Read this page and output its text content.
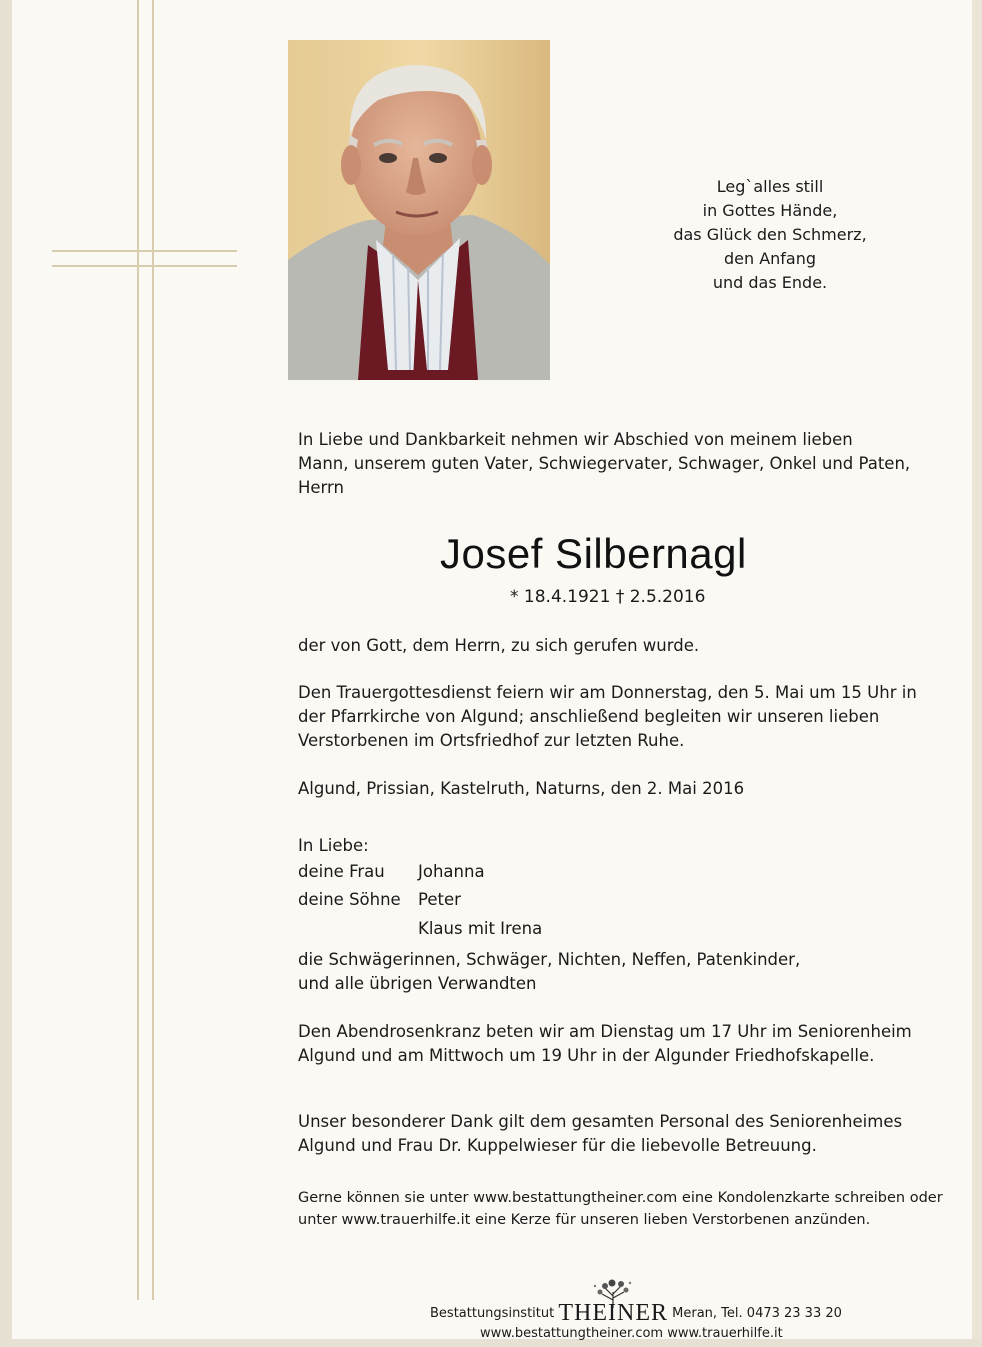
Leg`alles still
in Gottes Hände,
das Glück den Schmerz,
den Anfang
und das Ende.
In Liebe und Dankbarkeit nehmen wir Abschied von meinem lieben
Mann, unserem guten Vater, Schwiegervater, Schwager, Onkel und Paten,
Herrn
Josef Silbernagl
* 18.4.1921 † 2.5.2016
der von Gott, dem Herrn, zu sich gerufen wurde.
Den Trauergottesdienst feiern wir am Donnerstag, den 5. Mai um 15 Uhr in
der Pfarrkirche von Algund; anschließend begleiten wir unseren lieben
Verstorbenen im Ortsfriedhof zur letzten Ruhe.
Algund, Prissian, Kastelruth, Naturns, den 2. Mai 2016
In Liebe:
deine Frau Johanna
deine Söhne Peter
Klaus mit Irena
die Schwägerinnen, Schwäger, Nichten, Neffen, Patenkinder,
und alle übrigen Verwandten
Den Abendrosenkranz beten wir am Dienstag um 17 Uhr im Seniorenheim
Algund und am Mittwoch um 19 Uhr in der Algunder Friedhofskapelle.
Unser besonderer Dank gilt dem gesamten Personal des Seniorenheimes
Algund und Frau Dr. Kuppelwieser für die liebevolle Betreuung.
Gerne können sie unter www.bestattungtheiner.com eine Kondolenzkarte schreiben oder
unter www.trauerhilfe.it eine Kerze für unseren lieben Verstorbenen anzünden.
Bestattungsinstitut THEINER Meran, Tel. 0473 23 33 20
www.bestattungtheiner.com www.trauerhilfe.it
